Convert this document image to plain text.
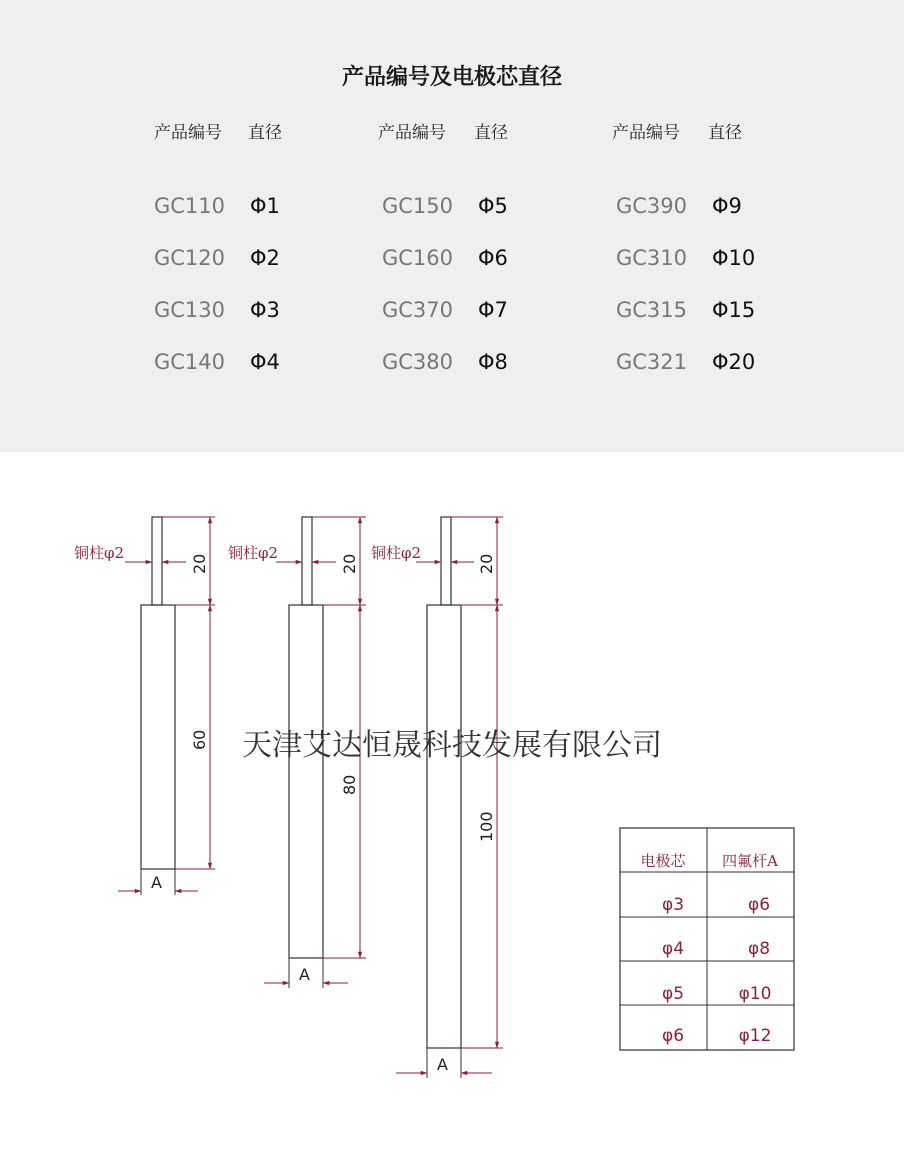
产品编号及电极芯直径
产品编号 直径
GC110 Φ1
GC120 Φ2
GC130 Φ3
GC140 Φ4
产品编号 直径
GC150 Φ5
GC160 Φ6
GC370 Φ7
GC380 Φ8
产品编号 直径
GC390 Φ9
GC310 Φ10
GC315 Φ15
GC321 Φ20
20
60
A
铜柱φ2
20
80
A
铜柱φ2
20
100
A
铜柱φ2
电极芯 四氟杆A
φ3	φ6
φ4	φ8
φ5	φ10
φ6	φ12
天津艾达恒晟科技发展有限公司
